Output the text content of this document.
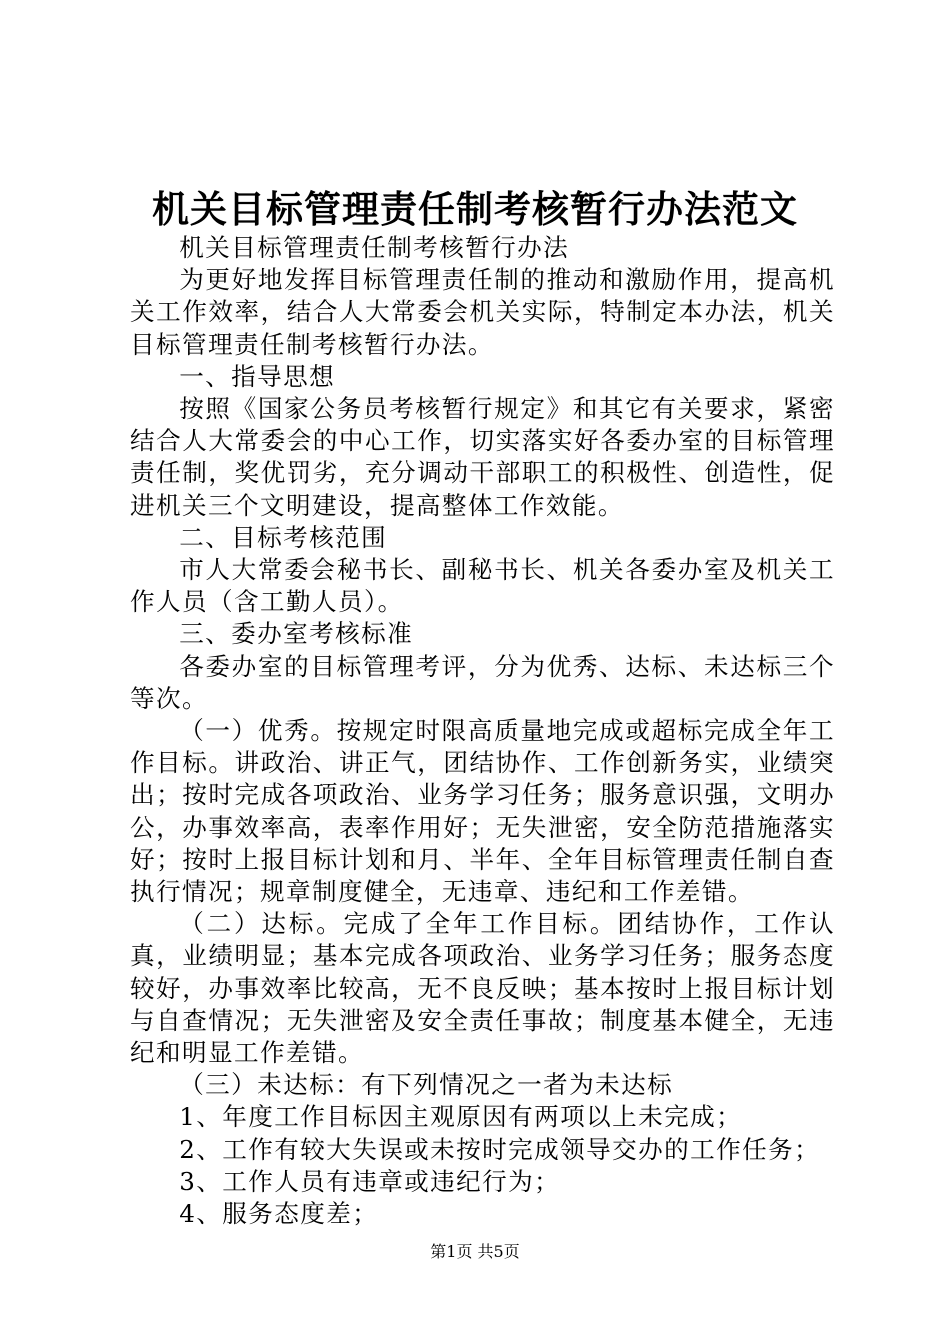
机关目标管理责任制考核暂行办法范文

机关目标管理责任制考核暂行办法

为更好地发挥目标管理责任制的推动和激励作用，提高机关工作效率，结合人大常委会机关实际，特制定本办法，机关目标管理责任制考核暂行办法。

一、指导思想

按照《国家公务员考核暂行规定》和其它有关要求，紧密结合人大常委会的中心工作，切实落实好各委办室的目标管理责任制，奖优罚劣，充分调动干部职工的积极性、创造性，促进机关三个文明建设，提高整体工作效能。

二、目标考核范围

市人大常委会秘书长、副秘书长、机关各委办室及机关工作人员（含工勤人员）。

三、委办室考核标准

各委办室的目标管理考评，分为优秀、达标、未达标三个等次。

（一）优秀。按规定时限高质量地完成或超标完成全年工作目标。讲政治、讲正气，团结协作、工作创新务实，业绩突出；按时完成各项政治、业务学习任务；服务意识强，文明办公，办事效率高，表率作用好；无失泄密，安全防范措施落实好；按时上报目标计划和月、半年、全年目标管理责任制自查执行情况；规章制度健全，无违章、违纪和工作差错。

（二）达标。完成了全年工作目标。团结协作，工作认真，业绩明显；基本完成各项政治、业务学习任务；服务态度较好，办事效率比较高，无不良反映；基本按时上报目标计划与自查情况；无失泄密及安全责任事故；制度基本健全，无违纪和明显工作差错。

（三）未达标：有下列情况之一者为未达标

1、年度工作目标因主观原因有两项以上未完成；

2、工作有较大失误或未按时完成领导交办的工作任务；

3、工作人员有违章或违纪行为；

4、服务态度差；

第1页 共5页
